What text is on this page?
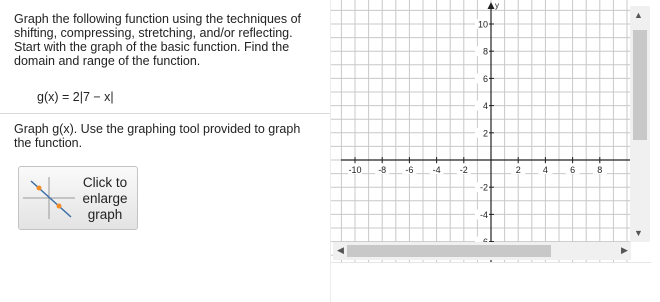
Graph the following function using the techniques of shifting, compressing, stretching, and/or reflecting. Start with the graph of the basic function. Find the domain and range of the function.
g(x) = 2|7 − x|
Graph g(x). Use the graphing tool provided to graph the function.
Click to
enlarge
graph
y
-10 -8 -6 -4 -2	2 4 6 8
10
8
6
4
2
-2
-4
▲
▼
◀	▶
